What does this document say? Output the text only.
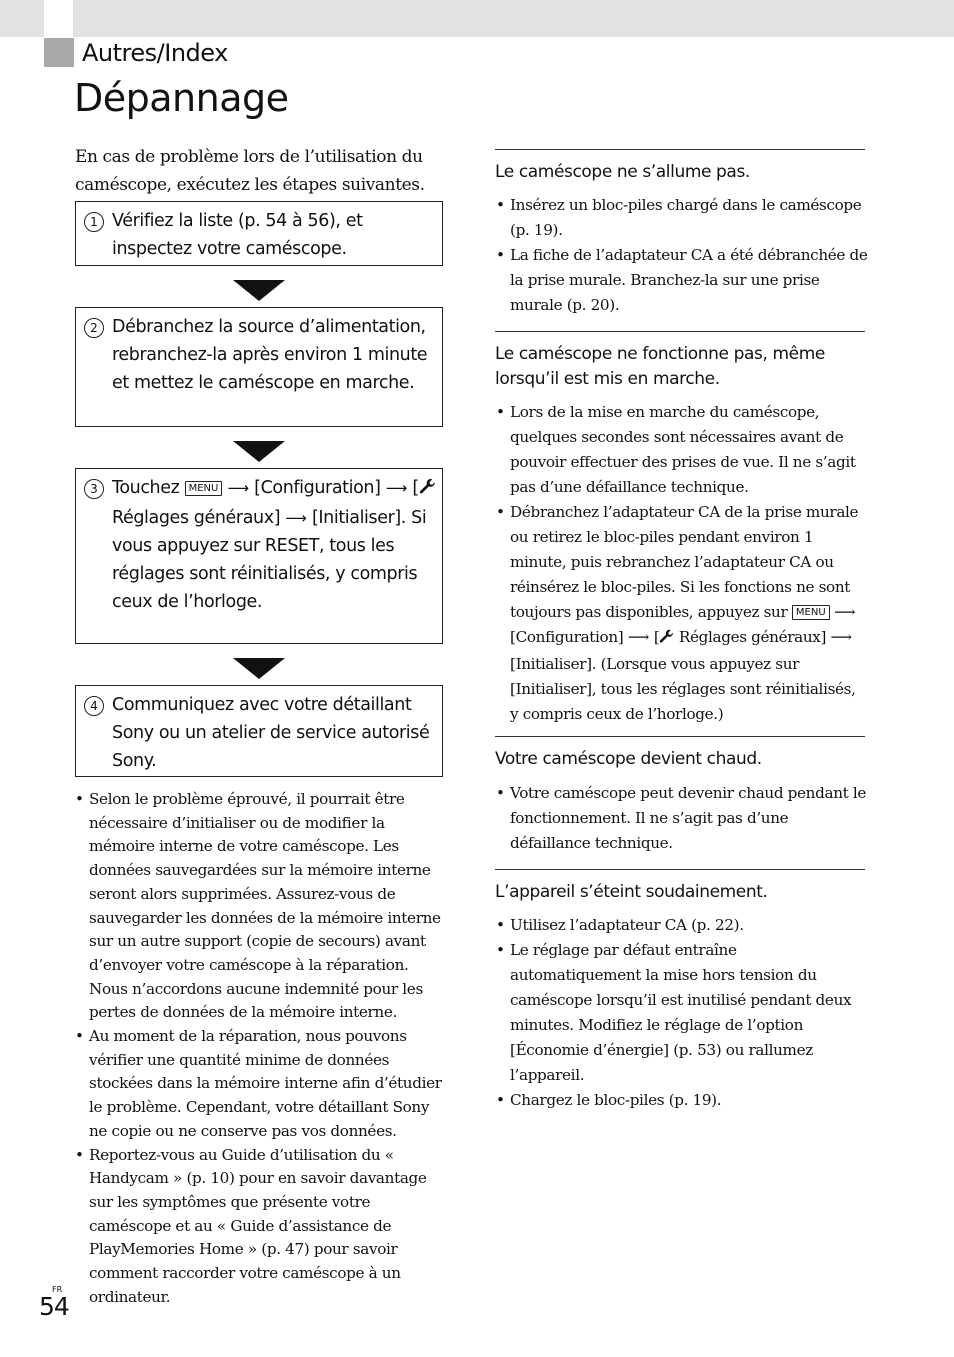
Autres/Index
Dépannage
En cas de problème lors de l’utilisation du caméscope, exécutez les étapes suivantes.
1 Vérifiez la liste (p. 54 à 56), et inspectez votre caméscope.
2 Débranchez la source d’alimentation, rebranchez-la après environ 1 minute et mettez le caméscope en marche.
3 Touchez MENU ⟶ [Configuration] ⟶ [ Réglages généraux] ⟶ [Initialiser]. Si vous appuyez sur RESET, tous les réglages sont réinitialisés, y compris ceux de l’horloge.
4 Communiquez avec votre détaillant Sony ou un atelier de service autorisé Sony.
• Selon le problème éprouvé, il pourrait être nécessaire d’initialiser ou de modifier la mémoire interne de votre caméscope. Les données sauvegardées sur la mémoire interne seront alors supprimées. Assurez-vous de sauvegarder les données de la mémoire interne sur un autre support (copie de secours) avant d’envoyer votre caméscope à la réparation. Nous n’accordons aucune indemnité pour les pertes de données de la mémoire interne.
• Au moment de la réparation, nous pouvons vérifier une quantité minime de données stockées dans la mémoire interne afin d’étudier le problème. Cependant, votre détaillant Sony ne copie ou ne conserve pas vos données.
• Reportez-vous au Guide d’utilisation du « Handycam » (p. 10) pour en savoir davantage sur les symptômes que présente votre caméscope et au « Guide d’assistance de PlayMemories Home » (p. 47) pour savoir comment raccorder votre caméscope à un ordinateur.
Le caméscope ne s’allume pas.
• Insérez un bloc-piles chargé dans le caméscope (p. 19).
• La fiche de l’adaptateur CA a été débranchée de la prise murale. Branchez-la sur une prise murale (p. 20).
Le caméscope ne fonctionne pas, même lorsqu’il est mis en marche.
• Lors de la mise en marche du caméscope, quelques secondes sont nécessaires avant de pouvoir effectuer des prises de vue. Il ne s’agit pas d’une défaillance technique.
• Débranchez l’adaptateur CA de la prise murale ou retirez le bloc-piles pendant environ 1 minute, puis rebranchez l’adaptateur CA ou réinsérez le bloc-piles. Si les fonctions ne sont toujours pas disponibles, appuyez sur MENU ⟶ [Configuration] ⟶ [ Réglages généraux] ⟶ [Initialiser]. (Lorsque vous appuyez sur [Initialiser], tous les réglages sont réinitialisés, y compris ceux de l’horloge.)
Votre caméscope devient chaud.
• Votre caméscope peut devenir chaud pendant le fonctionnement. Il ne s’agit pas d’une défaillance technique.
L’appareil s’éteint soudainement.
• Utilisez l’adaptateur CA (p. 22).
• Le réglage par défaut entraîne automatiquement la mise hors tension du caméscope lorsqu’il est inutilisé pendant deux minutes. Modifiez le réglage de l’option [Économie d’énergie] (p. 53) ou rallumez l’appareil.
• Chargez le bloc-piles (p. 19).
FR
54
